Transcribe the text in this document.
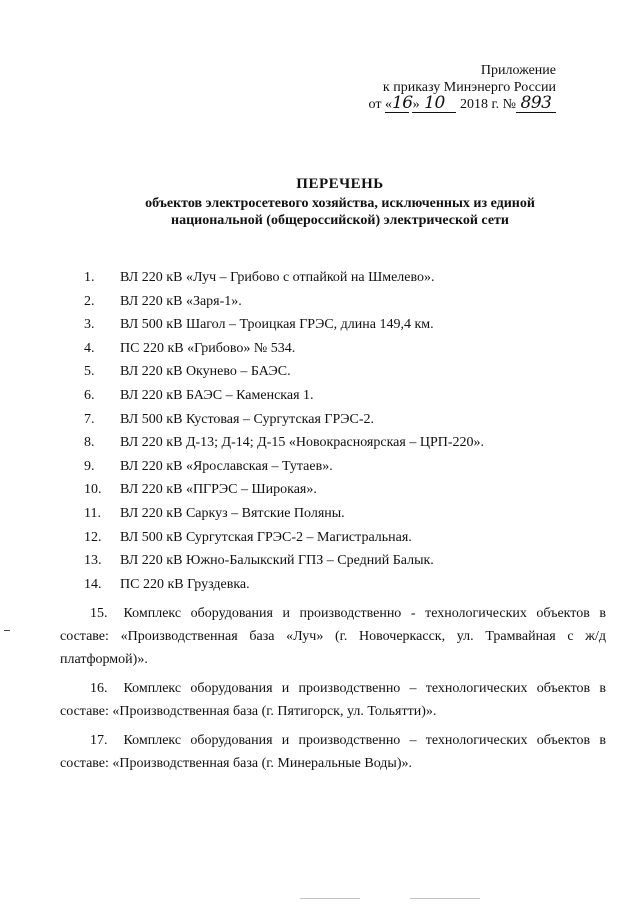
Приложение
к приказу Минэнерго России
от «16» 10 2018 г. № 893
ПЕРЕЧЕНЬ
объектов электросетевого хозяйства, исключенных из единой
национальной (общероссийской) электрической сети
1. ВЛ 220 кВ «Луч – Грибово с отпайкой на Шмелево».
2. ВЛ 220 кВ «Заря-1».
3. ВЛ 500 кВ Шагол – Троицкая ГРЭС, длина 149,4 км.
4. ПС 220 кВ «Грибово» № 534.
5. ВЛ 220 кВ Окунево – БАЭС.
6. ВЛ 220 кВ БАЭС – Каменская 1.
7. ВЛ 500 кВ Кустовая – Сургутская ГРЭС-2.
8. ВЛ 220 кВ Д-13; Д-14; Д-15 «Новокрасноярская – ЦРП-220».
9. ВЛ 220 кВ «Ярославская – Тутаев».
10. ВЛ 220 кВ «ПГРЭС – Широкая».
11. ВЛ 220 кВ Саркуз – Вятские Поляны.
12. ВЛ 500 кВ Сургутская ГРЭС-2 – Магистральная.
13. ВЛ 220 кВ Южно-Балыкский ГПЗ – Средний Балык.
14. ПС 220 кВ Груздевка.
15. Комплекс оборудования и производственно - технологических объектов в составе: «Производственная база «Луч» (г. Новочеркасск, ул. Трамвайная с ж/д платформой)».
16. Комплекс оборудования и производственно – технологических объектов в составе: «Производственная база (г. Пятигорск, ул. Тольятти)».
17. Комплекс оборудования и производственно – технологических объектов в составе: «Производственная база (г. Минеральные Воды)».
